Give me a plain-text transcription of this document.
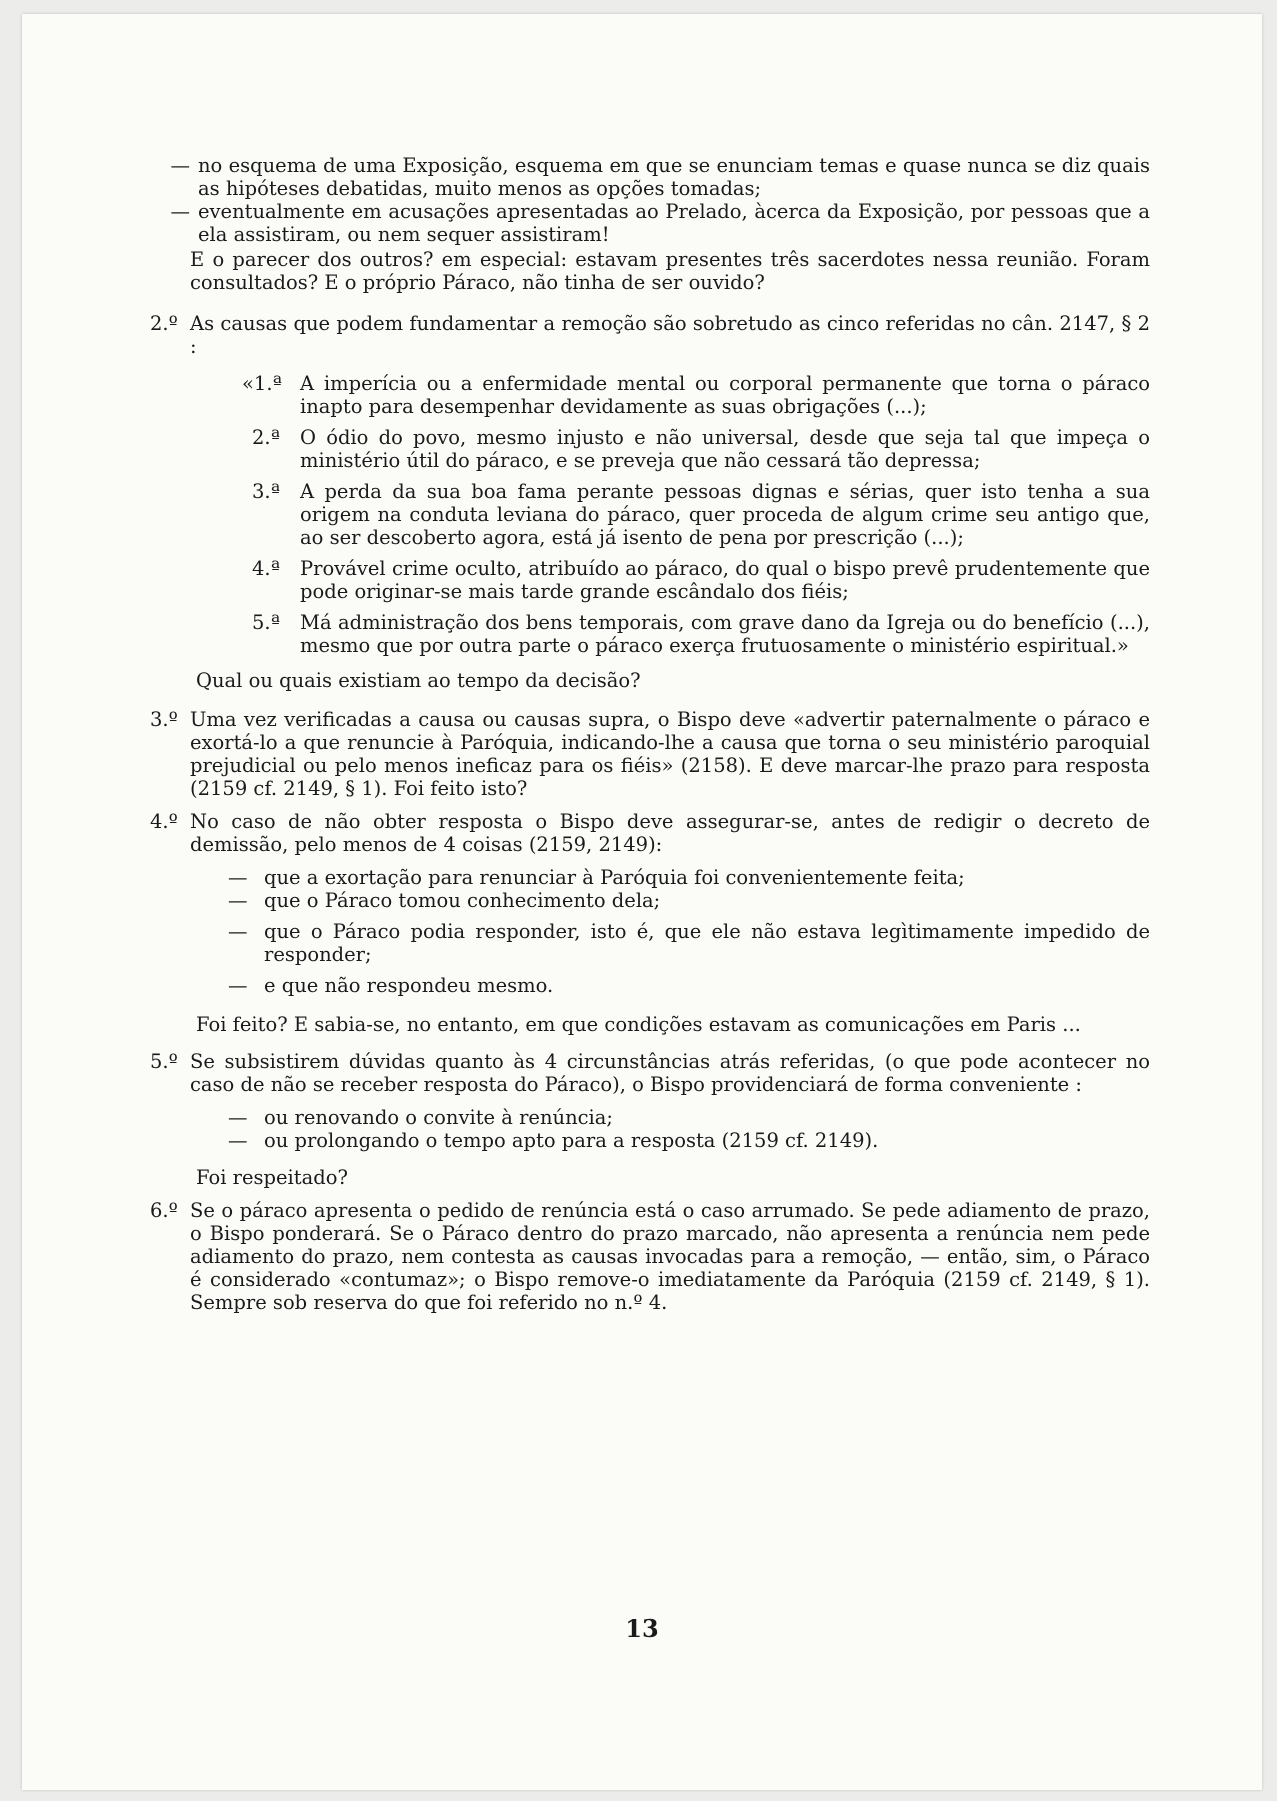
— no esquema de uma Exposição, esquema em que se enunciam temas e quase nunca se diz quais as hipóteses debatidas, muito menos as opções tomadas;

— eventualmente em acusações apresentadas ao Prelado, àcerca da Exposição, por pessoas que a ela assistiram, ou nem sequer assistiram!

E o parecer dos outros? em especial: estavam presentes três sacerdotes nessa reunião. Foram consultados? E o próprio Páraco, não tinha de ser ouvido?

2.º As causas que podem fundamentar a remoção são sobretudo as cinco referidas no cân. 2147, § 2 :

«1.ª A imperícia ou a enfermidade mental ou corporal permanente que torna o páraco inapto para desempenhar devidamente as suas obrigações (...);
2.ª O ódio do povo, mesmo injusto e não universal, desde que seja tal que impeça o ministério útil do páraco, e se preveja que não cessará tão depressa;
3.ª A perda da sua boa fama perante pessoas dignas e sérias, quer isto tenha a sua origem na conduta leviana do páraco, quer proceda de algum crime seu antigo que, ao ser descoberto agora, está já isento de pena por prescrição (...);
4.ª Provável crime oculto, atribuído ao páraco, do qual o bispo prevê prudentemente que pode originar-se mais tarde grande escândalo dos fiéis;
5.ª Má administração dos bens temporais, com grave dano da Igreja ou do benefício (...), mesmo que por outra parte o páraco exerça frutuosamente o ministério espiritual.»

Qual ou quais existiam ao tempo da decisão?

3.º Uma vez verificadas a causa ou causas supra, o Bispo deve «advertir paternalmente o páraco e exortá-lo a que renuncie à Paróquia, indicando-lhe a causa que torna o seu ministério paroquial prejudicial ou pelo menos ineficaz para os fiéis» (2158). E deve marcar-lhe prazo para resposta (2159 cf. 2149, § 1). Foi feito isto?

4.º No caso de não obter resposta o Bispo deve assegurar-se, antes de redigir o decreto de demissão, pelo menos de 4 coisas (2159, 2149):

— que a exortação para renunciar à Paróquia foi convenientemente feita;
— que o Páraco tomou conhecimento dela;
— que o Páraco podia responder, isto é, que ele não estava legìtimamente impedido de responder;
— e que não respondeu mesmo.

Foi feito? E sabia-se, no entanto, em que condições estavam as comunicações em Paris ...

5.º Se subsistirem dúvidas quanto às 4 circunstâncias atrás referidas, (o que pode acontecer no caso de não se receber resposta do Páraco), o Bispo providenciará de forma conveniente :

— ou renovando o convite à renúncia;
— ou prolongando o tempo apto para a resposta (2159 cf. 2149).

Foi respeitado?

6.º Se o páraco apresenta o pedido de renúncia está o caso arrumado. Se pede adiamento de prazo, o Bispo ponderará. Se o Páraco dentro do prazo marcado, não apresenta a renúncia nem pede adiamento do prazo, nem contesta as causas invocadas para a remoção, — então, sim, o Páraco é considerado «contumaz»; o Bispo remove-o imediatamente da Paróquia (2159 cf. 2149, § 1). Sempre sob reserva do que foi referido no n.º 4.

13
